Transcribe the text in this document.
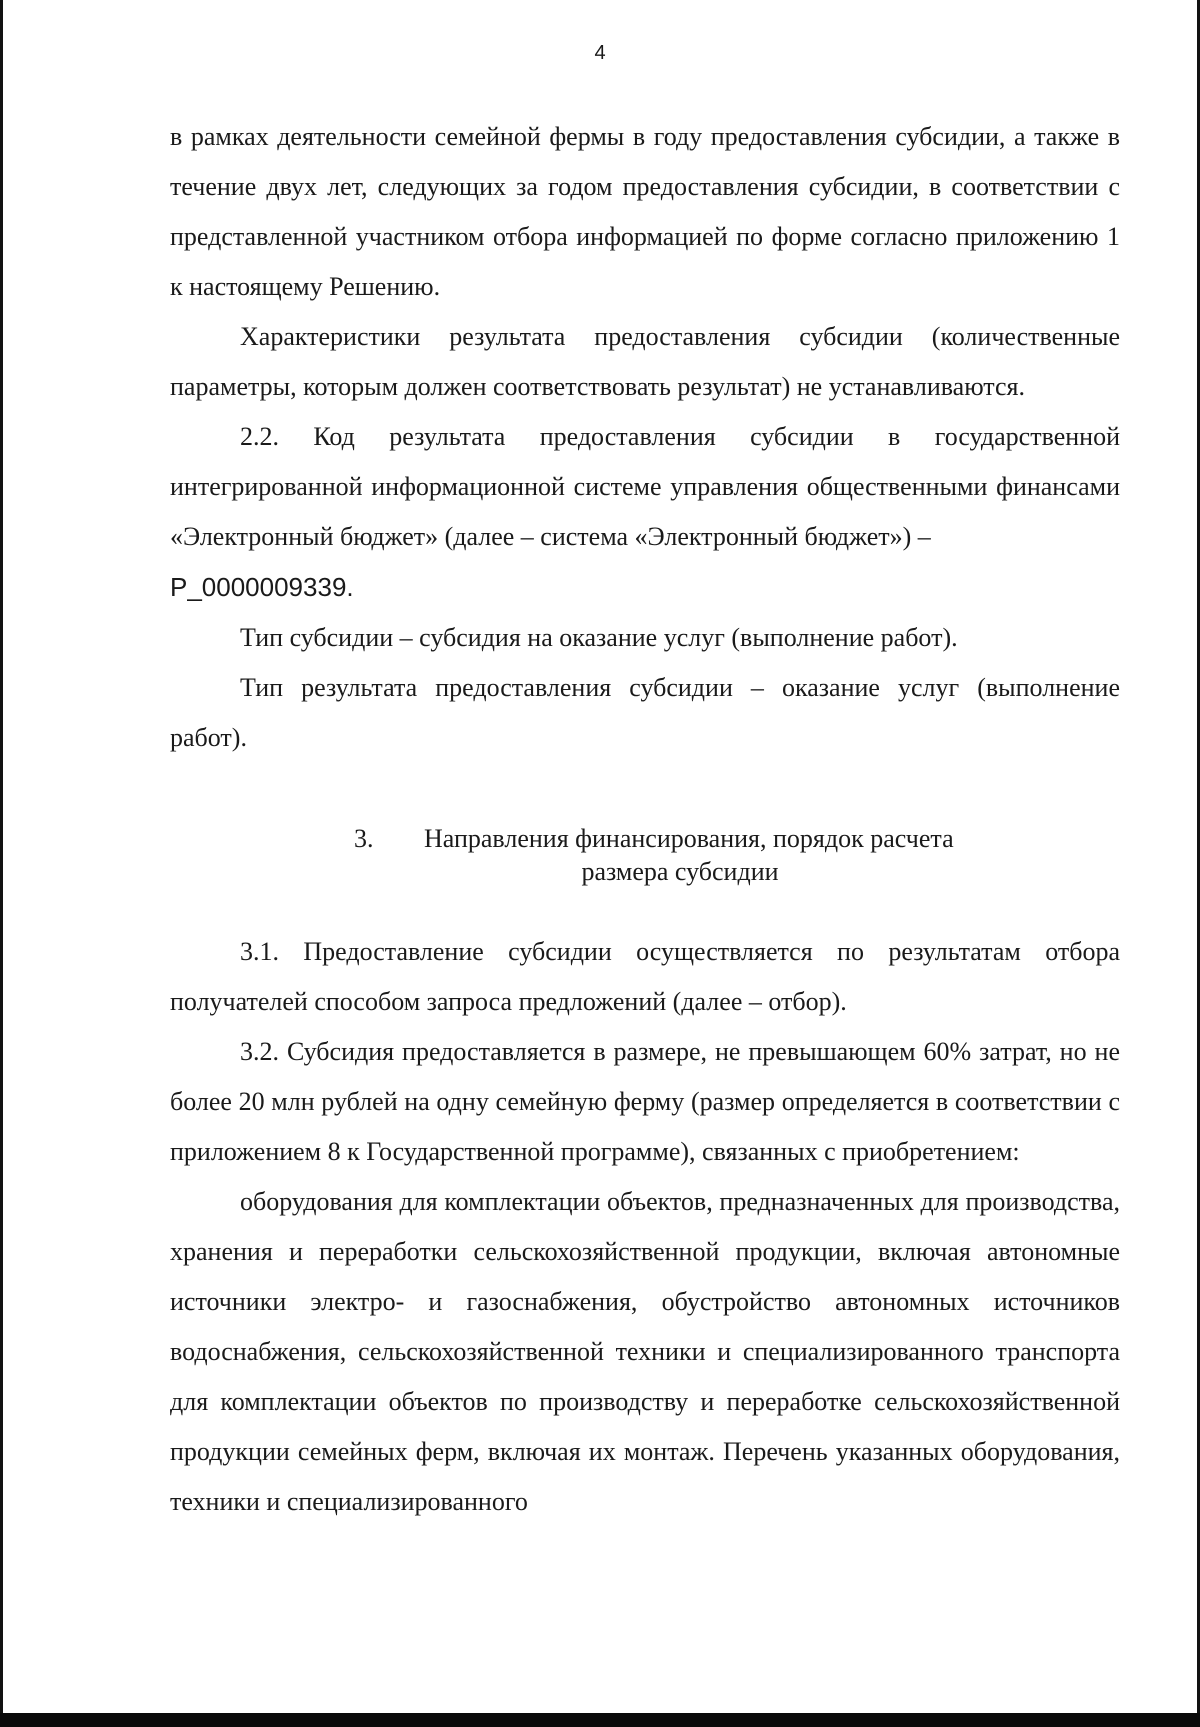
4

в рамках деятельности семейной фермы в году предоставления субсидии, а также в течение двух лет, следующих за годом предоставления субсидии, в соответствии с представленной участником отбора информацией по форме согласно приложению 1 к настоящему Решению.

Характеристики результата предоставления субсидии (количественные параметры, которым должен соответствовать результат) не устанавливаются.

2.2. Код результата предоставления субсидии в государственной интегрированной информационной системе управления общественными финансами «Электронный бюджет» (далее – система «Электронный бюджет») –
P_0000009339.

Тип субсидии – субсидия на оказание услуг (выполнение работ).

Тип результата предоставления субсидии – оказание услуг (выполнение работ).

3. Направления финансирования, порядок расчета
размера субсидии

3.1. Предоставление субсидии осуществляется по результатам отбора получателей способом запроса предложений (далее – отбор).

3.2. Субсидия предоставляется в размере, не превышающем 60% затрат, но не более 20 млн рублей на одну семейную ферму (размер определяется в соответствии с приложением 8 к Государственной программе), связанных с приобретением:

оборудования для комплектации объектов, предназначенных для производства, хранения и переработки сельскохозяйственной продукции, включая автономные источники электро- и газоснабжения, обустройство автономных источников водоснабжения, сельскохозяйственной техники и специализированного транспорта для комплектации объектов по производству и переработке сельскохозяйственной продукции семейных ферм, включая их монтаж. Перечень указанных оборудования, техники и специализированного
